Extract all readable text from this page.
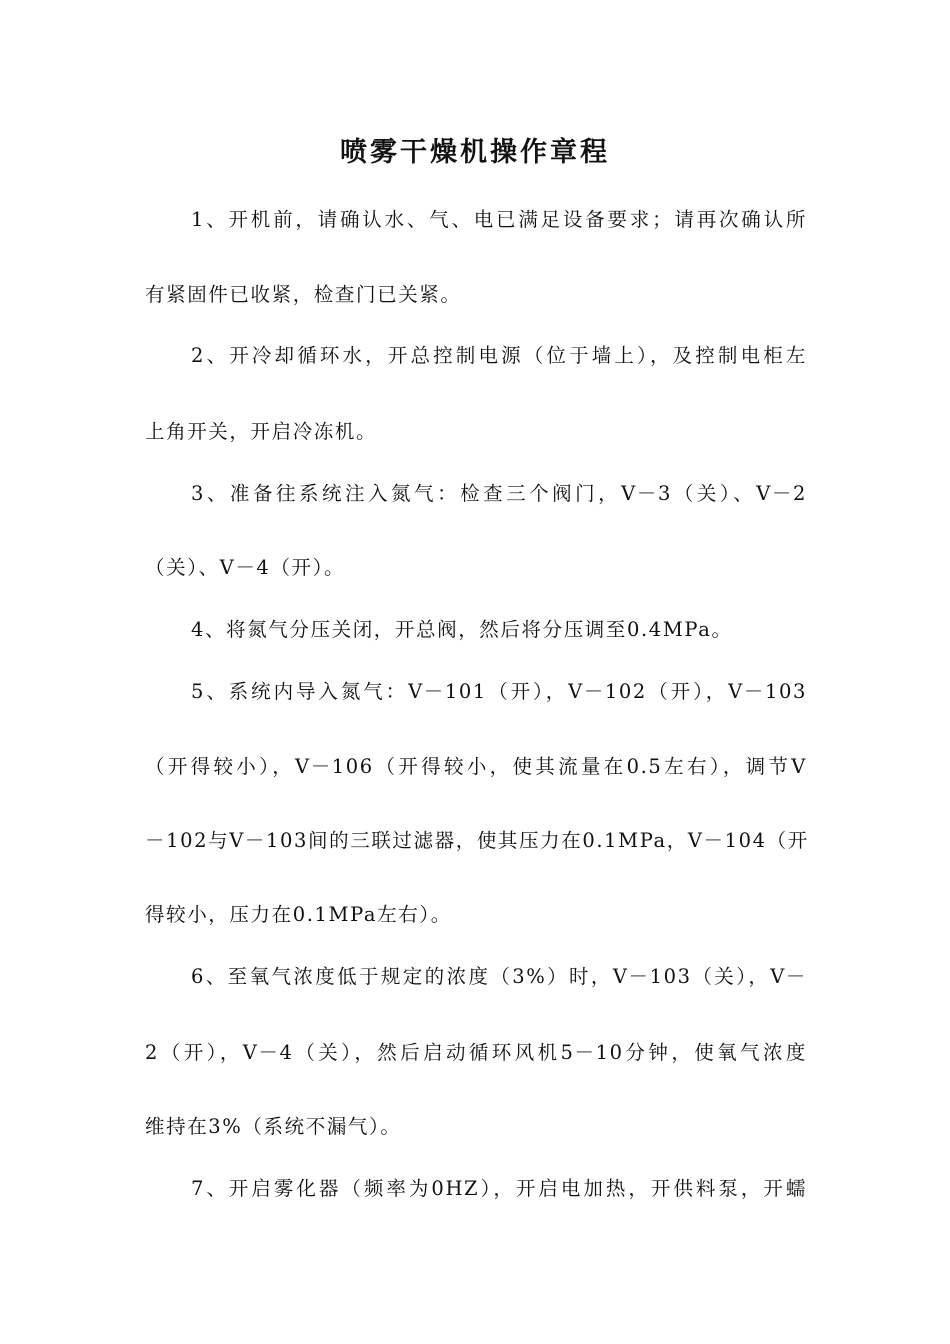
喷雾干燥机操作章程
1、开机前，请确认水、气、电已满足设备要求；请再次确认所
有紧固件已收紧，检查门已关紧。
2、开冷却循环水，开总控制电源（位于墙上），及控制电柜左
上角开关，开启冷冻机。
3、准备往系统注入氮气：检查三个阀门，V－3（关）、V－2
（关）、V－4（开）。
4、将氮气分压关闭，开总阀，然后将分压调至0.4MPa。
5、系统内导入氮气：V－101（开），V－102（开），V－103
（开得较小），V－106（开得较小，使其流量在0.5左右），调节V
－102与V－103间的三联过滤器，使其压力在0.1MPa，V－104（开
得较小，压力在0.1MPa左右）。
6、至氧气浓度低于规定的浓度（3%）时，V－103（关），V－
2（开），V－4（关），然后启动循环风机5－10分钟，使氧气浓度
维持在3%（系统不漏气）。
7、开启雾化器（频率为0HZ），开启电加热，开供料泵，开蠕
